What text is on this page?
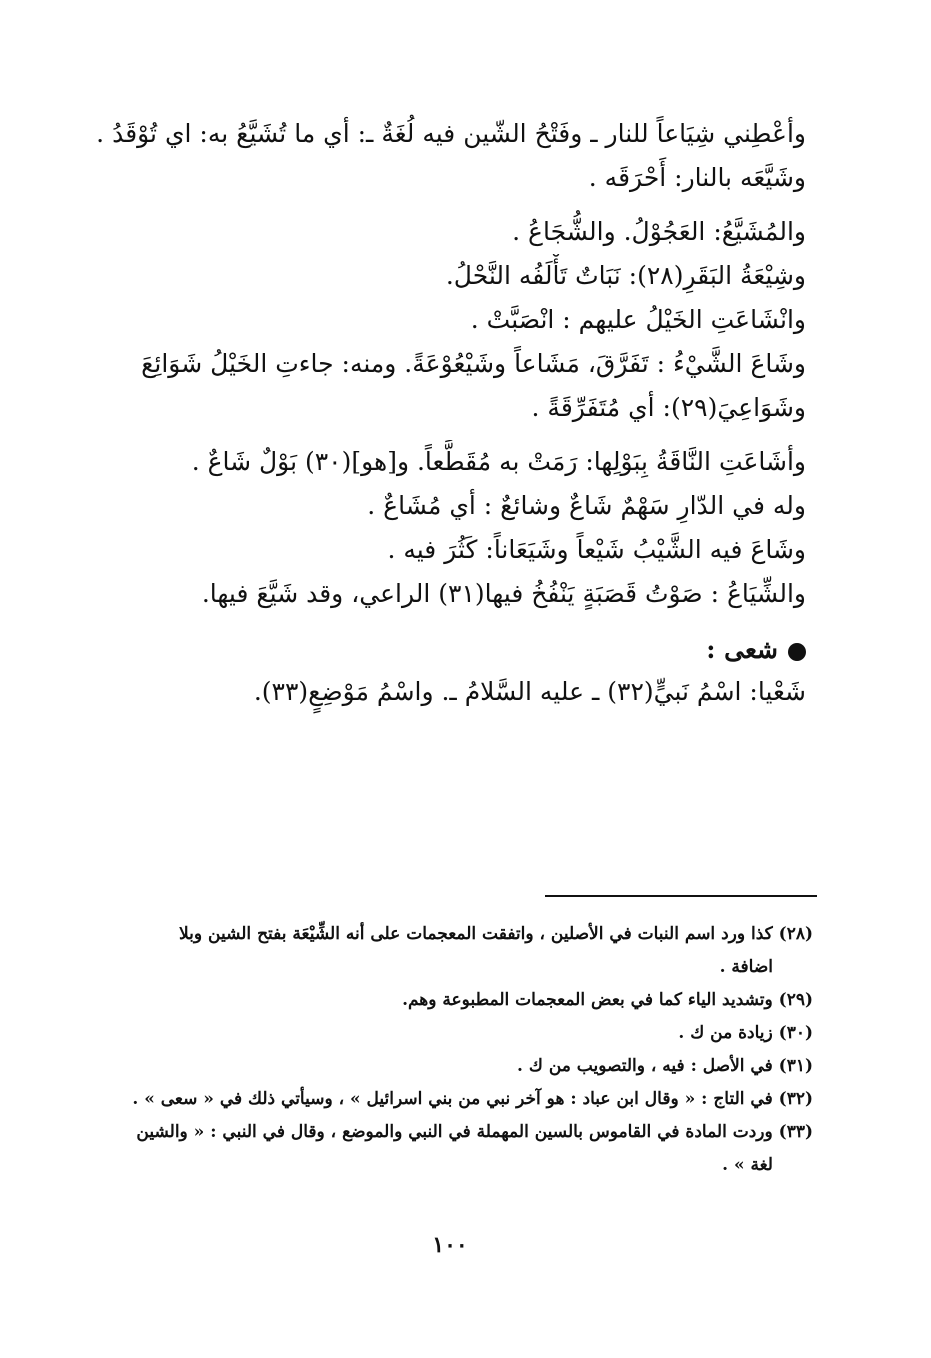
وأعْطِني شِيَاعاً للنار ـ وفَتْحُ الشّين فيه لُغَةٌ ـ: أي ما تُشَيَّعُ به: اي تُوْقَدُ .
وشَيَّعَه بالنار: أَحْرَقَه .
والمُشَيَّعُ: العَجُوْلُ. والشُّجَاعُ .
وشِيْعَةُ البَقَرِ(٢٨): نَبَاتٌ تَأْلَفُه النَّحْلُ.
وانْشَاعَتِ الخَيْلُ عليهم : انْصَبَّتْ .
وشَاعَ الشَّيْءُ : تَفَرَّقَ، مَشَاعاً وشَيْعُوْعَةً. ومنه: جاءتِ الخَيْلُ شَوَائِعَ
وشَوَاعِيَ(٢٩): أي مُتَفَرِّقَةً .
وأشَاعَتِ النَّاقَةُ بِبَوْلِها: رَمَتْ به مُقَطَّعاً. و[هو](٣٠) بَوْلٌ شَاعٌ .
وله في الدّارِ سَهْمٌ شَاعٌ وشائعٌ : أي مُشَاعٌ .
وشَاعَ فيه الشَّيْبُ شَيْعاً وشَيَعَاناً: كَثُرَ فيه .
والشِّيَاعُ : صَوْتُ قَصَبَةٍ يَنْفُخُ فيها(٣١) الراعي، وقد شَيَّعَ فيها.
شعى :
شَعْيا: اسْمُ نَبيٍّ(٣٢) ـ عليه السَّلامُ ـ. واسْمُ مَوْضِعٍ(٣٣).
(٢٨) كذا ورد اسم النبات في الأصلين ، واتفقت المعجمات على أنه الشِّيْعَة بفتح الشين وبلا
اضافة .
(٢٩) وتشديد الياء كما في بعض المعجمات المطبوعة وهم.
(٣٠) زيادة من ك .
(٣١) في الأصل : فيه ، والتصويب من ك .
(٣٢) في التاج : « وقال ابن عباد : هو آخر نبي من بني اسرائيل » ، وسيأتي ذلك في « سعى » .
(٣٣) وردت المادة في القاموس بالسين المهملة في النبي والموضع ، وقال في النبي : « والشين
لغة » .
١٠٠
